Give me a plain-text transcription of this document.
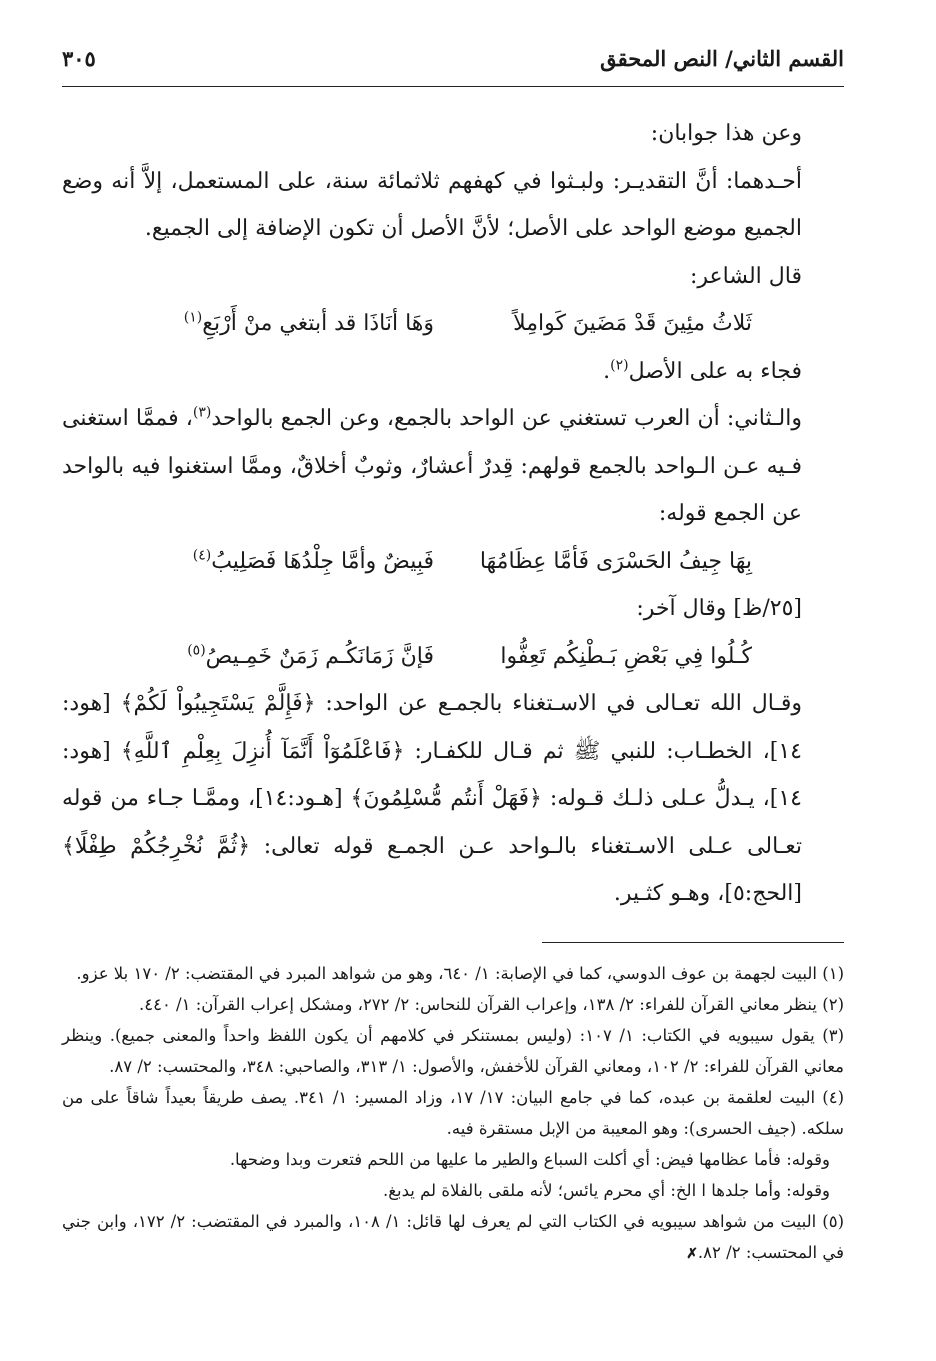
القسم الثاني/ النص المحقق
٣٠٥

وعن هذا جوابان:

أحـدهما: أنَّ التقديـر: ولبـثوا في كهفهم ثلاثمائة سنة، على المستعمل، إلاَّ أنه وضع الجميع موضع الواحد على الأصل؛ لأنَّ الأصل أن تكون الإضافة إلى الجميع.

قال الشاعر:

ثَلاثُ مئِينَ قَدْ مَضَينَ كَوامِلاً
وَهَا أنَاذَا قد أبتغي منْ أَرْبَعِ$^{(١)}$

فجاء به على الأصل$^{(٢)}$.

والـثاني: أن العرب تستغني عن الواحد بالجمع، وعن الجمع بالواحد$^{(٣)}$، فممَّا استغنى فـيه عـن الـواحد بالجمع قولهم: قِدرٌ أعشارٌ، وثوبٌ أخلاقٌ، وممَّا استغنوا فيه بالواحد عن الجمع قوله:

بِهَا جِيفُ الحَسْرَى فَأمَّا عِظَامُهَا
فَبِيضٌ وأمَّا جِلْدُهَا فَصَلِيبُ$^{(٤)}$

[٢٥/ظ] وقال آخر:

كُـلُوا فِي بَعْضِ بَـطْنِكُم تَعِفُّوا
فَإنَّ زَمَانَكُـم زَمَنٌ خَمِـيصُ$^{(٥)}$

وقـال الله تعـالى في الاسـتغناء بالجمـع عن الواحد: ﴿فَإِلَّمْ يَسْتَجِيبُواْ لَكُمْ﴾ [هود: ١٤]، الخطـاب: للنبي ﷺ ثم قـال للكفـار: ﴿فَاعْلَمُوٓاْ أَنَّمَآ أُنزِلَ بِعِلْمِ ٱللَّهِ﴾ [هود: ١٤]، يـدلُّ عـلى ذلـك قـوله: ﴿فَهَلْ أَنتُم مُّسْلِمُونَ﴾ [هـود:١٤]، وممَّـا جـاء من قوله تعـالى عـلى الاسـتغناء بالـواحد عـن الجمـع قوله تعالى: ﴿ثُمَّ نُخْرِجُكُمْ طِفْلًا﴾ [الحج:٥]، وهـو كثـير.

(١) البيت لجهمة بن عوف الدوسي، كما في الإصابة: ١/ ٦٤٠، وهو من شواهد المبرد في المقتضب: ٢/ ١٧٠ بلا عزو.

(٢) ينظر معاني القرآن للفراء: ٢/ ١٣٨، وإعراب القرآن للنحاس: ٢/ ٢٧٢، ومشكل إعراب القرآن: ١/ ٤٤٠.

(٣) يقول سيبويه في الكتاب: ١/ ١٠٧: (وليس بمستنكر في كلامهم أن يكون اللفظ واحداً والمعنى جميع). وينظر معاني القرآن للفراء: ٢/ ١٠٢، ومعاني القرآن للأخفش، والأصول: ١/ ٣١٣، والصاحبي: ٣٤٨، والمحتسب: ٢/ ٨٧.

(٤) البيت لعلقمة بن عبده، كما في جامع البيان: ١٧/ ١٧، وزاد المسير: ١/ ٣٤١. يصف طريقاً بعيداً شاقاً على من سلكه. (جيف الحسرى): وهو المعيبة من الإبل مستقرة فيه.

وقوله: فأما عظامها فيض: أي أكلت السباع والطير ما عليها من اللحم فتعرت وبدا وضحها.

وقوله: وأما جلدها ا الخ: أي محرم يائس؛ لأنه ملقى بالفلاة لم يدبغ.

(٥) البيت من شواهد سيبويه في الكتاب التي لم يعرف لها قائل: ١/ ١٠٨، والمبرد في المقتضب: ٢/ ١٧٢، وابن جني في المحتسب: ٢/ ٨٢.✗
